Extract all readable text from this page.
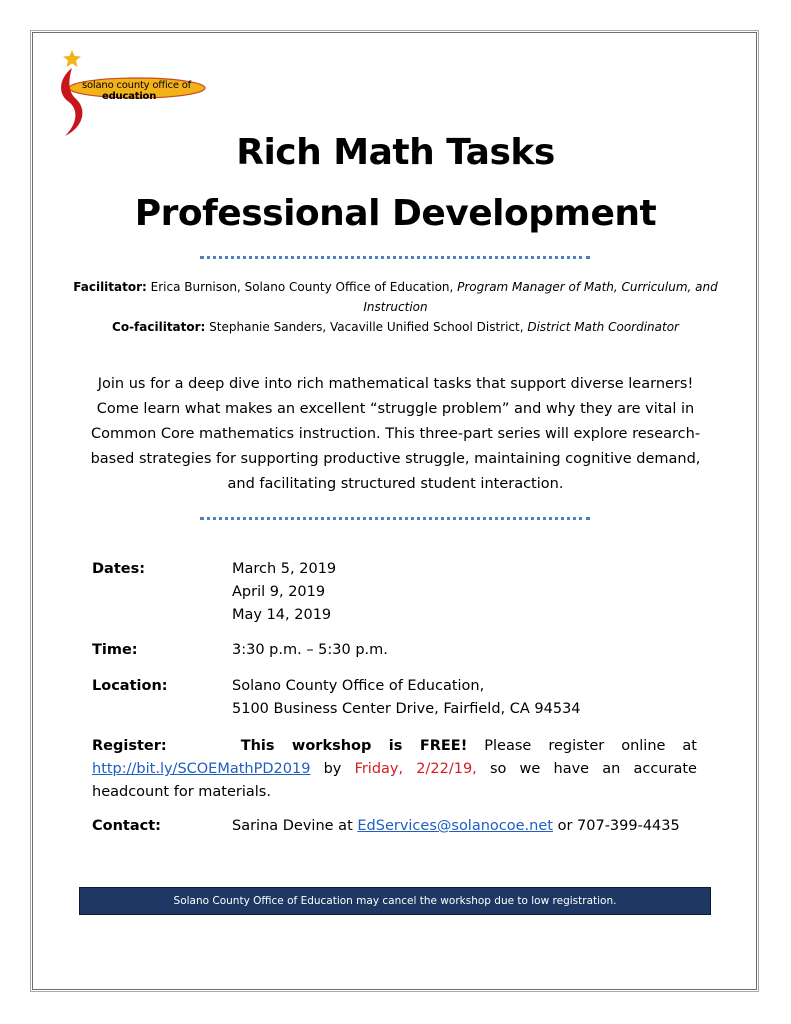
solano county office of
education
Rich Math Tasks
Professional Development
Facilitator: Erica Burnison, Solano County Office of Education, Program Manager of Math, Curriculum, and Instruction
Co-facilitator: Stephanie Sanders, Vacaville Unified School District, District Math Coordinator
Join us for a deep dive into rich mathematical tasks that support diverse learners! Come learn what makes an excellent “struggle problem” and why they are vital in Common Core mathematics instruction. This three-part series will explore research-based strategies for supporting productive struggle, maintaining cognitive demand, and facilitating structured student interaction.
Dates:	March 5, 2019
April 9, 2019
May 14, 2019
Time:	3:30 p.m. – 5:30 p.m.
Location:	Solano County Office of Education,
5100 Business Center Drive, Fairfield, CA 94534
Register:	This workshop is FREE! Please register online at http://bit.ly/SCOEMathPD2019 by Friday, 2/22/19, so we have an accurate headcount for materials.
Contact:	Sarina Devine at EdServices@solanocoe.net or 707-399-4435
Solano County Office of Education may cancel the workshop due to low registration.
